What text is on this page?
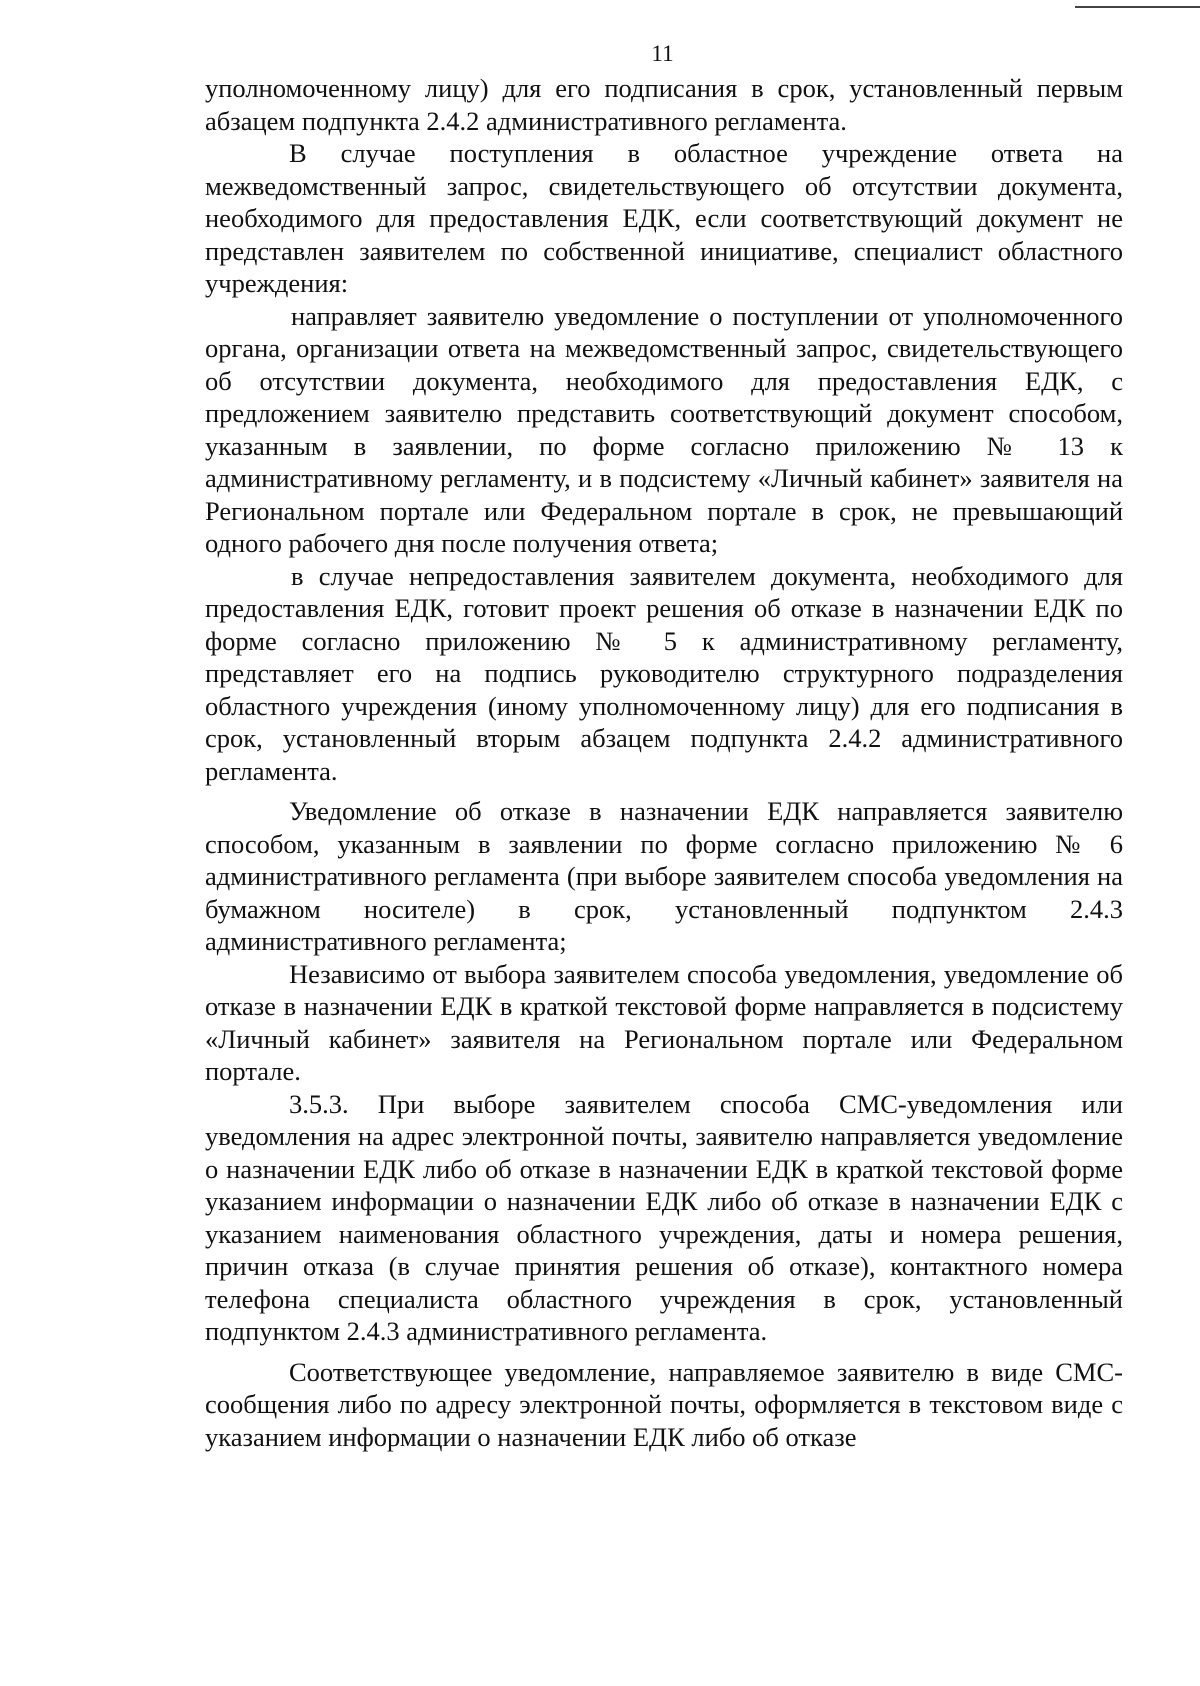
11

уполномоченному лицу) для его подписания в срок, установленный первым абзацем подпункта 2.4.2 административного регламента.

В случае поступления в областное учреждение ответа на межведомственный запрос, свидетельствующего об отсутствии документа, необходимого для предоставления ЕДК, если соответствующий документ не представлен заявителем по собственной инициативе, специалист областного учреждения:

направляет заявителю уведомление о поступлении от уполномоченного органа, организации ответа на межведомственный запрос, свидетельствующего об отсутствии документа, необходимого для предоставления ЕДК, с предложением заявителю представить соответствующий документ способом, указанным в заявлении, по форме согласно приложению № 13 к административному регламенту, и в подсистему «Личный кабинет» заявителя на Региональном портале или Федеральном портале в срок, не превышающий одного рабочего дня после получения ответа;

в случае непредоставления заявителем документа, необходимого для предоставления ЕДК, готовит проект решения об отказе в назначении ЕДК по форме согласно приложению № 5 к административному регламенту, представляет его на подпись руководителю структурного подразделения областного учреждения (иному уполномоченному лицу) для его подписания в срок, установленный вторым абзацем подпункта 2.4.2 административного регламента.

Уведомление об отказе в назначении ЕДК направляется заявителю способом, указанным в заявлении по форме согласно приложению № 6 административного регламента (при выборе заявителем способа уведомления на бумажном носителе) в срок, установленный подпунктом 2.4.3 административного регламента;

Независимо от выбора заявителем способа уведомления, уведомление об отказе в назначении ЕДК в краткой текстовой форме направляется в подсистему «Личный кабинет» заявителя на Региональном портале или Федеральном портале.

3.5.3. При выборе заявителем способа СМС-уведомления или уведомления на адрес электронной почты, заявителю направляется уведомление о назначении ЕДК либо об отказе в назначении ЕДК в краткой текстовой форме указанием информации о назначении ЕДК либо об отказе в назначении ЕДК с указанием наименования областного учреждения, даты и номера решения, причин отказа (в случае принятия решения об отказе), контактного номера телефона специалиста областного учреждения в срок, установленный подпунктом 2.4.3 административного регламента.

Соответствующее уведомление, направляемое заявителю в виде СМС-сообщения либо по адресу электронной почты, оформляется в текстовом виде с указанием информации о назначении ЕДК либо об отказе
